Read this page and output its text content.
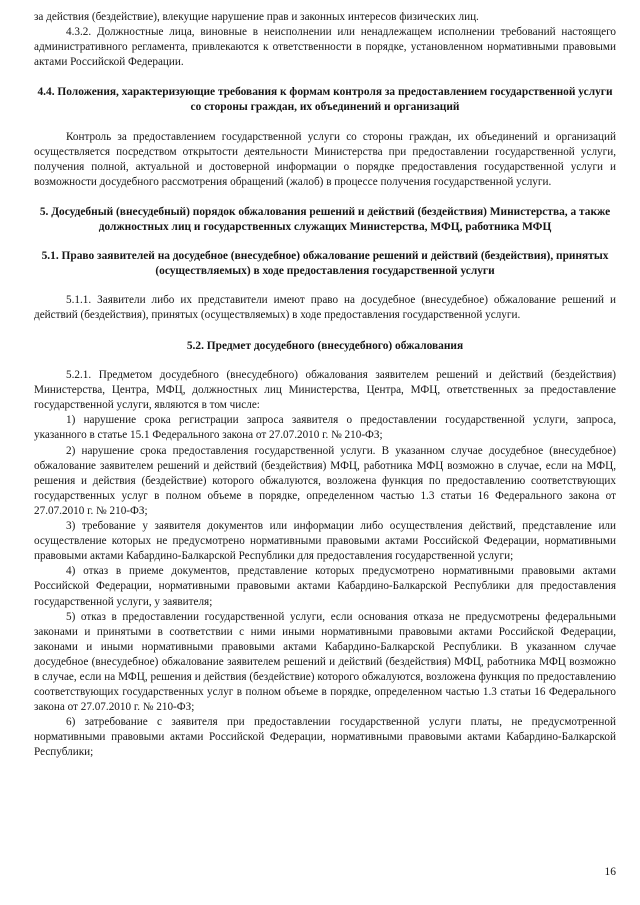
за действия (бездействие), влекущие нарушение прав и законных интересов физических лиц.

4.3.2. Должностные лица, виновные в неисполнении или ненадлежащем исполнении требований настоящего административного регламента, привлекаются к ответственности в порядке, установленном нормативными правовыми актами Российской Федерации.

4.4. Положения, характеризующие требования к формам контроля за предоставлением государственной услуги со стороны граждан, их объединений и организаций

Контроль за предоставлением государственной услуги со стороны граждан, их объединений и организаций осуществляется посредством открытости деятельности Министерства при предоставлении государственной услуги, получения полной, актуальной и достоверной информации о порядке предоставления государственной услуги и возможности досудебного рассмотрения обращений (жалоб) в процессе получения государственной услуги.

5. Досудебный (внесудебный) порядок обжалования решений и действий (бездействия) Министерства, а также должностных лиц и государственных служащих Министерства, МФЦ, работника МФЦ
5.1. Право заявителей на досудебное (внесудебное) обжалование решений и действий (бездействия), принятых (осуществляемых) в ходе предоставления государственной услуги

5.1.1. Заявители либо их представители имеют право на досудебное (внесудебное) обжалование решений и действий (бездействия), принятых (осуществляемых) в ходе предоставления государственной услуги.

5.2. Предмет досудебного (внесудебного) обжалования

5.2.1. Предметом досудебного (внесудебного) обжалования заявителем решений и действий (бездействия) Министерства, Центра, МФЦ, должностных лиц Министерства, Центра, МФЦ, ответственных за предоставление государственной услуги, являются в том числе:

1) нарушение срока регистрации запроса заявителя о предоставлении государственной услуги, запроса, указанного в статье 15.1 Федерального закона от 27.07.2010 г. № 210-ФЗ;

2) нарушение срока предоставления государственной услуги. В указанном случае досудебное (внесудебное) обжалование заявителем решений и действий (бездействия) МФЦ, работника МФЦ возможно в случае, если на МФЦ, решения и действия (бездействие) которого обжалуются, возложена функция по предоставлению соответствующих государственных услуг в полном объеме в порядке, определенном частью 1.3 статьи 16 Федерального закона от 27.07.2010 г. № 210-ФЗ;

3) требование у заявителя документов или информации либо осуществления действий, представление или осуществление которых не предусмотрено нормативными правовыми актами Российской Федерации, нормативными правовыми актами Кабардино-Балкарской Республики для предоставления государственной услуги;

4) отказ в приеме документов, представление которых предусмотрено нормативными правовыми актами Российской Федерации, нормативными правовыми актами Кабардино-Балкарской Республики для предоставления государственной услуги, у заявителя;

5) отказ в предоставлении государственной услуги, если основания отказа не предусмотрены федеральными законами и принятыми в соответствии с ними иными нормативными правовыми актами Российской Федерации, законами и иными нормативными правовыми актами Кабардино-Балкарской Республики. В указанном случае досудебное (внесудебное) обжалование заявителем решений и действий (бездействия) МФЦ, работника МФЦ возможно в случае, если на МФЦ, решения и действия (бездействие) которого обжалуются, возложена функция по предоставлению соответствующих государственных услуг в полном объеме в порядке, определенном частью 1.3 статьи 16 Федерального закона от 27.07.2010 г. № 210-ФЗ;

6) затребование с заявителя при предоставлении государственной услуги платы, не предусмотренной нормативными правовыми актами Российской Федерации, нормативными правовыми актами Кабардино-Балкарской Республики;

16
